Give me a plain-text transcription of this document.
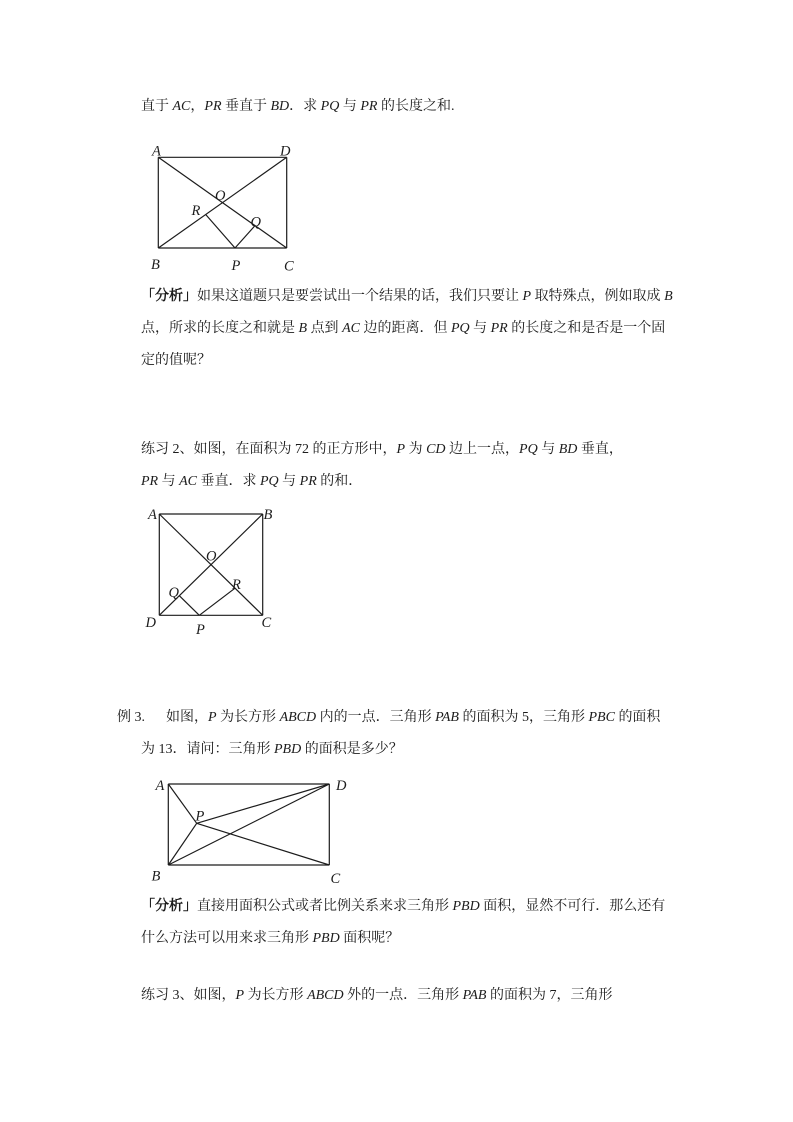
直于 AC，PR 垂直于 BD．求 PQ 与 PR 的长度之和.
A	D
B	P	C
O
R
Q
「分析」如果这道题只是要尝试出一个结果的话，我们只要让 P 取特殊点，例如取成 B
点，所求的长度之和就是 B 点到 AC 边的距离．但 PQ 与 PR 的长度之和是否是一个固
定的值呢？
练习 2、如图，在面积为 72 的正方形中，P 为 CD 边上一点，PQ 与 BD 垂直，
PR 与 AC 垂直．求 PQ 与 PR 的和．
A	B
D	C
P
O
Q	R
例 3.　  如图，P 为长方形 ABCD 内的一点．三角形 PAB 的面积为 5，三角形 PBC 的面积
为 13．请问：三角形 PBD 的面积是多少？
A	D
B	C
P
「分析」直接用面积公式或者比例关系来求三角形 PBD 面积，显然不可行．那么还有
什么方法可以用来求三角形 PBD 面积呢？
练习 3、如图，P 为长方形 ABCD 外的一点．三角形 PAB 的面积为 7，三角形
